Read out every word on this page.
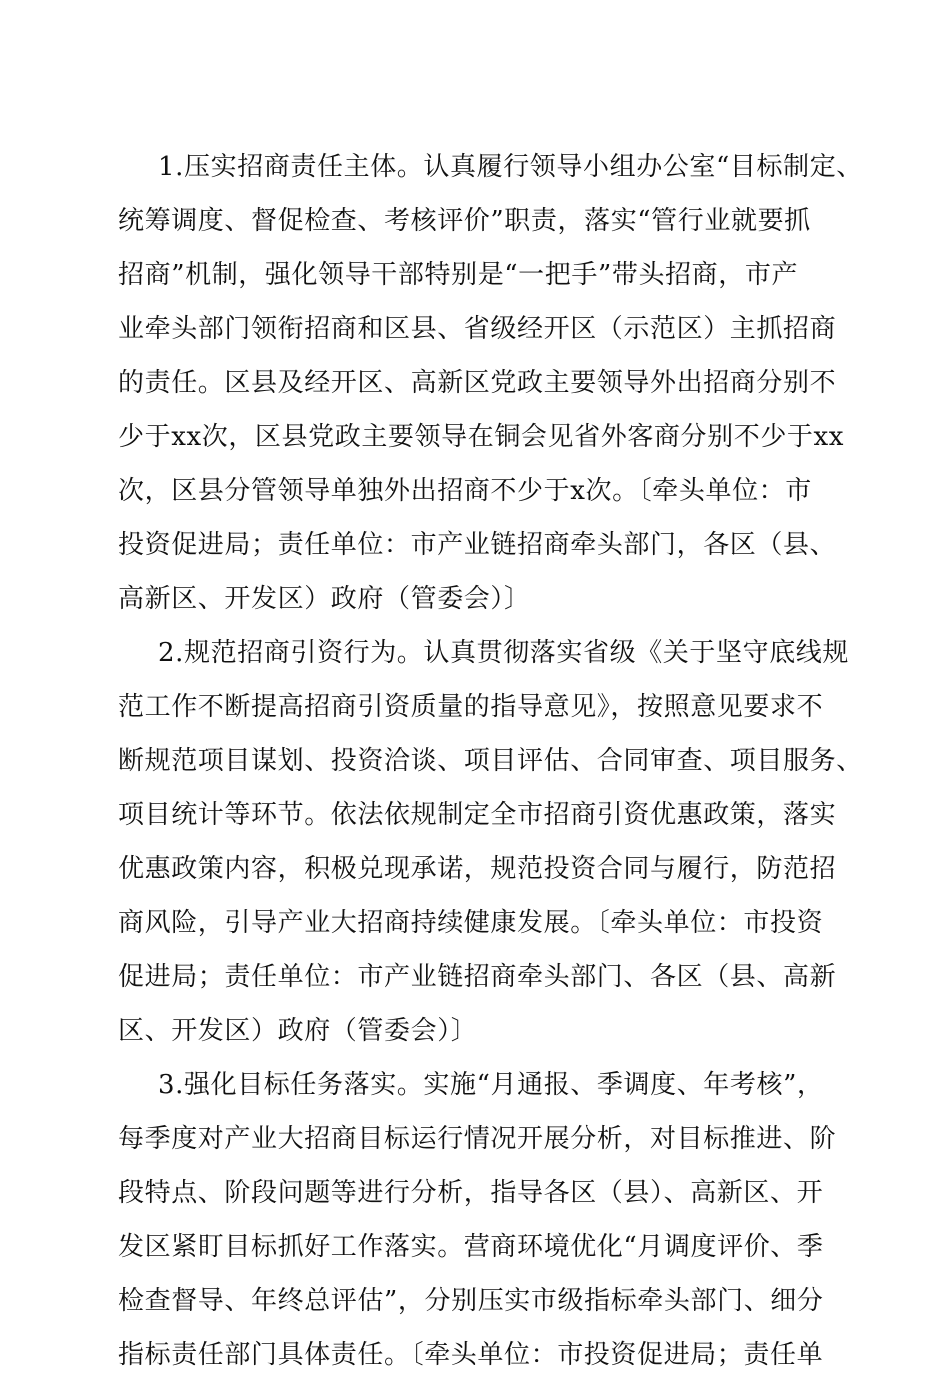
1.压实招商责任主体。认真履行领导小组办公室“目标制定、
统筹调度、督促检查、考核评价”职责，落实“管行业就要抓
招商”机制，强化领导干部特别是“一把手”带头招商，市产
业牵头部门领衔招商和区县、省级经开区（示范区）主抓招商
的责任。区县及经开区、高新区党政主要领导外出招商分别不
少于xx次，区县党政主要领导在铜会见省外客商分别不少于xx
次，区县分管领导单独外出招商不少于x次。〔牵头单位：市
投资促进局；责任单位：市产业链招商牵头部门，各区（县、
高新区、开发区）政府（管委会）〕
2.规范招商引资行为。认真贯彻落实省级《关于坚守底线规
范工作不断提高招商引资质量的指导意见》，按照意见要求不
断规范项目谋划、投资洽谈、项目评估、合同审查、项目服务、
项目统计等环节。依法依规制定全市招商引资优惠政策，落实
优惠政策内容，积极兑现承诺，规范投资合同与履行，防范招
商风险，引导产业大招商持续健康发展。〔牵头单位：市投资
促进局；责任单位：市产业链招商牵头部门、各区（县、高新
区、开发区）政府（管委会）〕
3.强化目标任务落实。实施“月通报、季调度、年考核”，
每季度对产业大招商目标运行情况开展分析，对目标推进、阶
段特点、阶段问题等进行分析，指导各区（县）、高新区、开
发区紧盯目标抓好工作落实。营商环境优化“月调度评价、季
检查督导、年终总评估”，分别压实市级指标牵头部门、细分
指标责任部门具体责任。〔牵头单位：市投资促进局；责任单
